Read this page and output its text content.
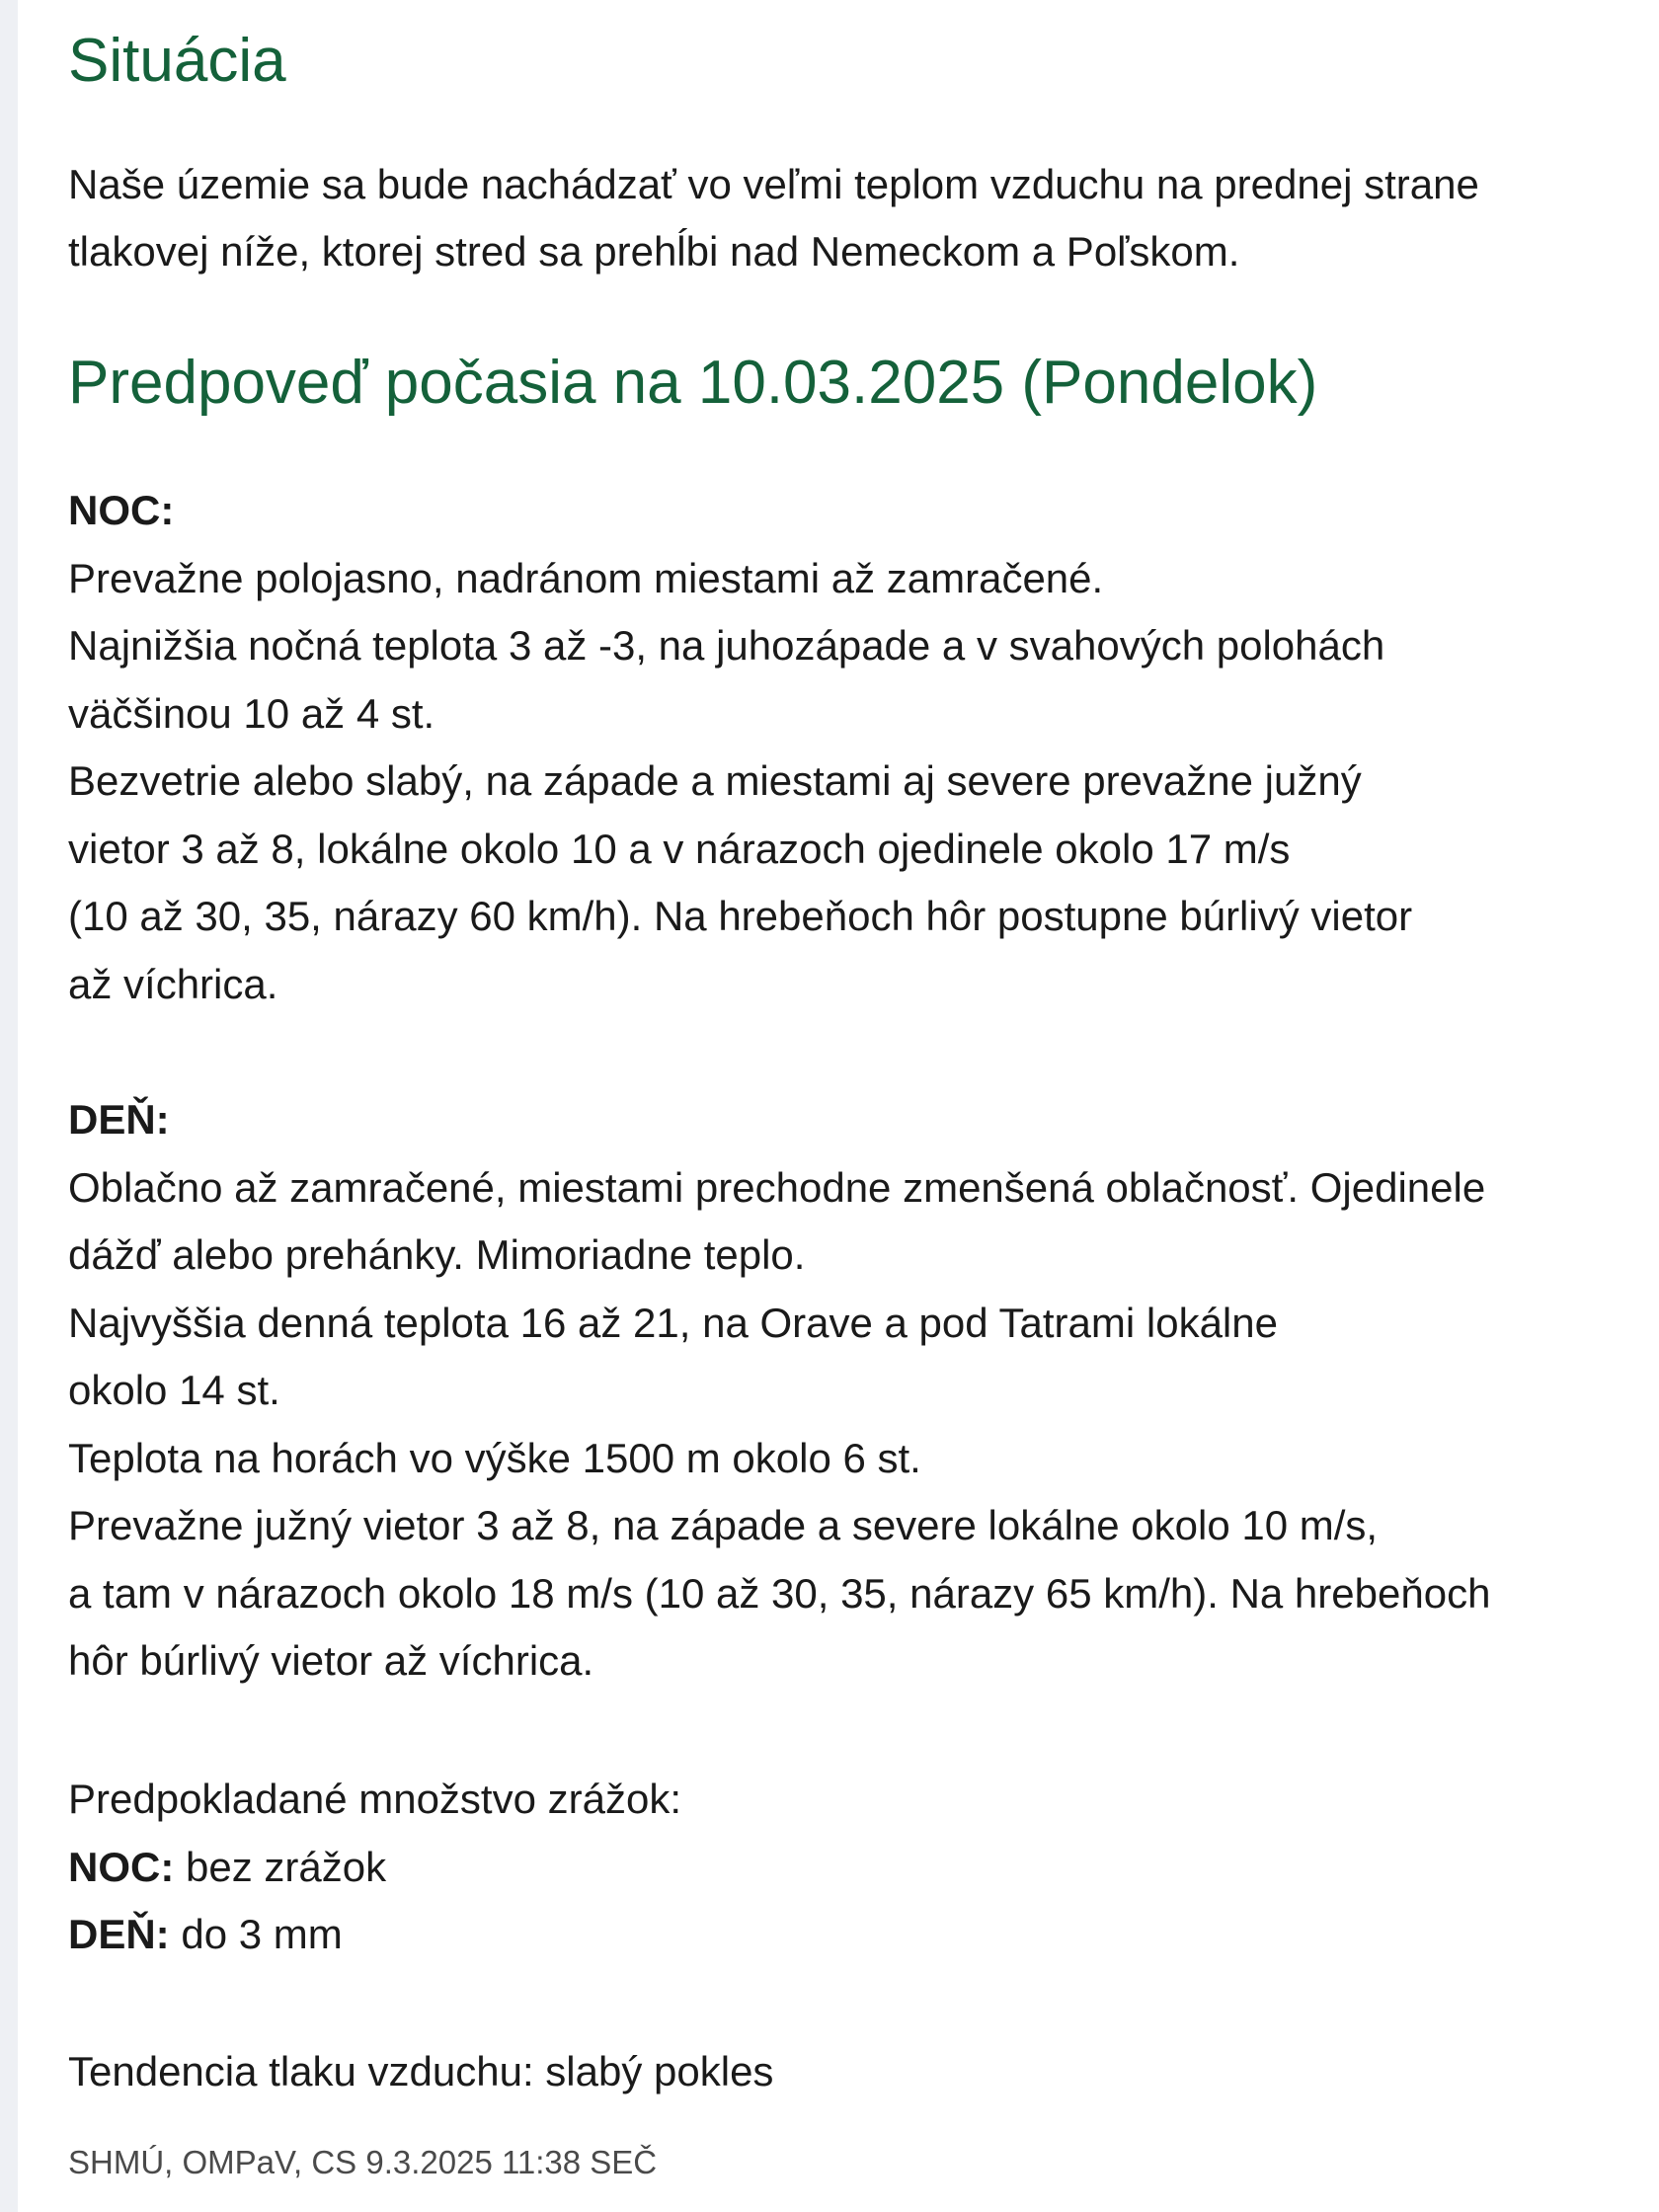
Situácia

Naše územie sa bude nachádzať vo veľmi teplom vzduchu na prednej strane
tlakovej níže, ktorej stred sa prehĺbi nad Nemeckom a Poľskom.

Predpoveď počasia na 10.03.2025 (Pondelok)
NOC:
Prevažne polojasno, nadránom miestami až zamračené.
Najnižšia nočná teplota 3 až -3, na juhozápade a v svahových polohách
väčšinou 10 až 4 st.
Bezvetrie alebo slabý, na západe a miestami aj severe prevažne južný
vietor 3 až 8, lokálne okolo 10 a v nárazoch ojedinele okolo 17 m/s
(10 až 30, 35, nárazy 60 km/h). Na hrebeňoch hôr postupne búrlivý vietor
až víchrica.
DEŇ:
Oblačno až zamračené, miestami prechodne zmenšená oblačnosť. Ojedinele
dážď alebo prehánky. Mimoriadne teplo.
Najvyššia denná teplota 16 až 21, na Orave a pod Tatrami lokálne
okolo 14 st.
Teplota na horách vo výške 1500 m okolo 6 st.
Prevažne južný vietor 3 až 8, na západe a severe lokálne okolo 10 m/s,
a tam v nárazoch okolo 18 m/s (10 až 30, 35, nárazy 65 km/h). Na hrebeňoch
hôr búrlivý vietor až víchrica.
Predpokladané množstvo zrážok:
NOC: bez zrážok
DEŇ: do 3 mm
Tendencia tlaku vzduchu: slabý pokles
SHMÚ, OMPaV, CS 9.3.2025 11:38 SEČ
